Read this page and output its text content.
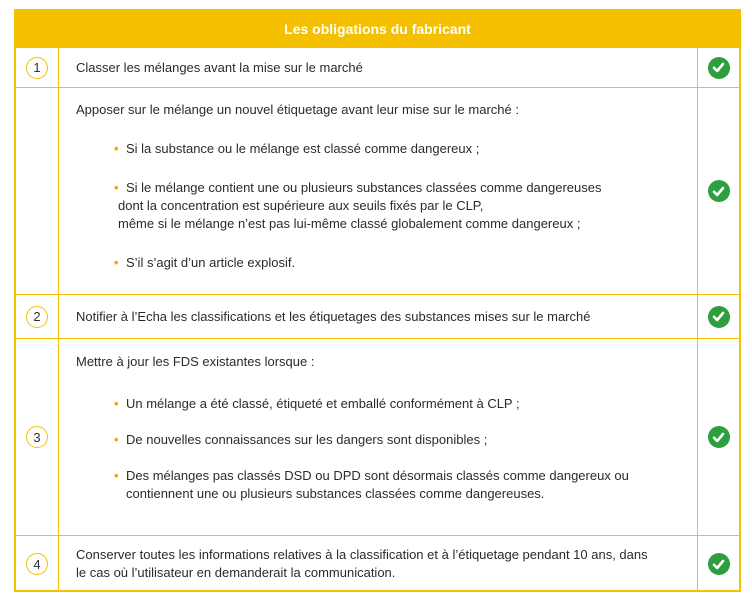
Les obligations du fabricant
1	Classer les mélanges avant la mise sur le marché

Apposer sur le mélange un nouvel étiquetage avant leur mise sur le marché :

• Si la substance ou le mélange est classé comme dangereux ;
• Si le mélange contient une ou plusieurs substances classées comme dangereuses
dont la concentration est supérieure aux seuils fixés par le CLP,
même si le mélange n’est pas lui-même classé globalement comme dangereux ;
• S’il s’agit d’un article explosif.
2	Notifier à l’Echa les classifications et les étiquetages des substances mises sur le marché
3

Mettre à jour les FDS existantes lorsque :

• Un mélange a été classé, étiqueté et emballé conformément à CLP ;
• De nouvelles connaissances sur les dangers sont disponibles ;
• Des mélanges pas classés DSD ou DPD sont désormais classés comme dangereux ou
contiennent une ou plusieurs substances classées comme dangereuses.
4

Conserver toutes les informations relatives à la classification et à l’étiquetage pendant 10 ans, dans
le cas où l’utilisateur en demanderait la communication.
